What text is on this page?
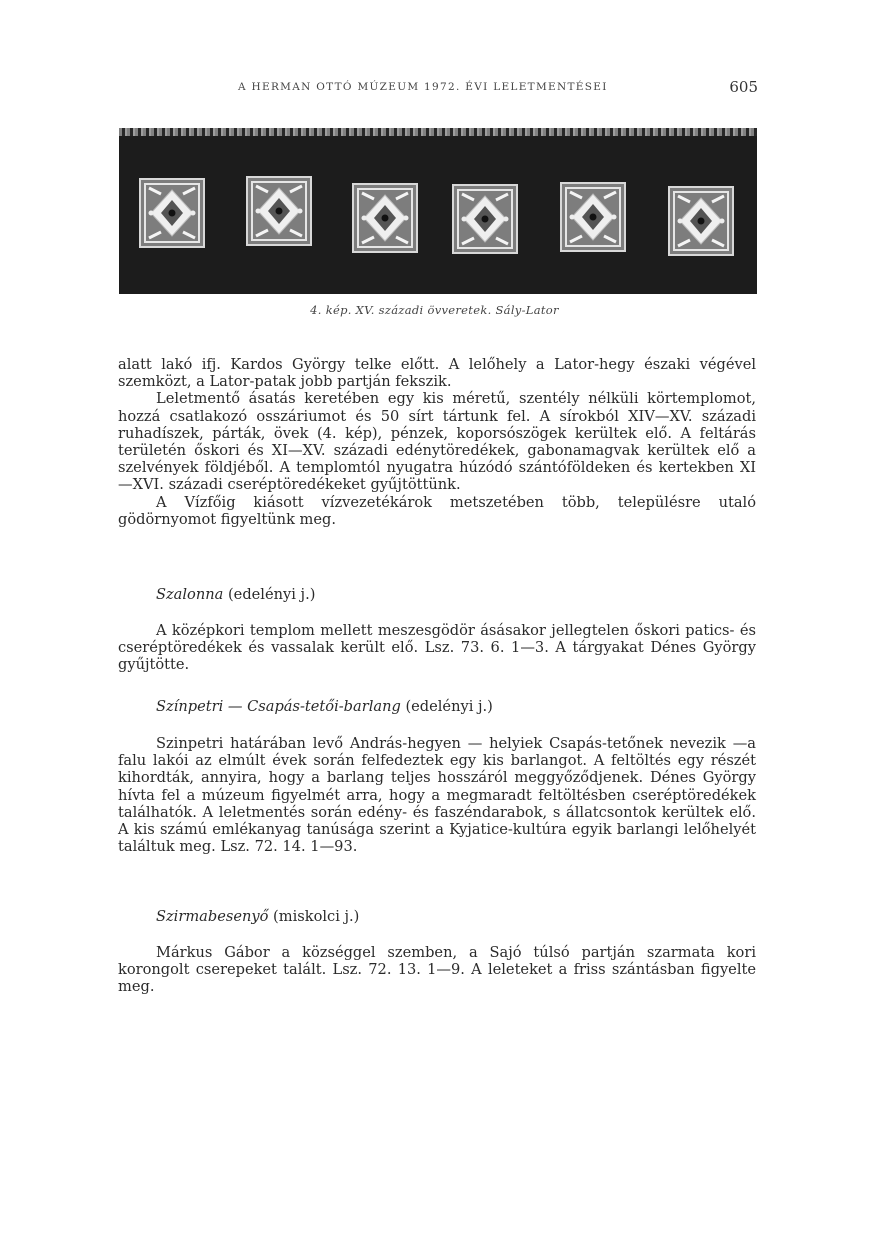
A HERMAN OTTÓ MÚZEUM 1972. ÉVI LELETMENTÉSEI	605
4. kép. XV. századi övveretek. Sály-Lator

alatt lakó ifj. Kardos György telke előtt. A lelőhely a Lator-hegy északi végével szemközt, a Lator-patak jobb partján fekszik.

Leletmentő ásatás keretében egy kis méretű, szentély nélküli körtemplomot, hozzá csatlakozó osszáriumot és 50 sírt tártunk fel. A sírokból XIV—XV. századi ruhadíszek, párták, övek (4. kép), pénzek, koporsószögek kerültek elő. A feltárás területén őskori és XI—XV. századi edénytöredékek, gabonamagvak kerültek elő a szelvények földjéből. A templomtól nyugatra húzódó szántóföldeken és kertekben XI—XVI. századi cseréptöredékeket gyűjtöttünk.

A Vízfőig kiásott vízvezetékárok metszetében több, településre utaló gödörnyomot figyeltünk meg.

Szalonna (edelényi j.)

A középkori templom mellett meszesgödör ásásakor jellegtelen őskori patics- és cseréptöredékek és vassalak került elő. Lsz. 73. 6. 1—3. A tárgyakat Dénes György gyűjtötte.

Színpetri — Csapás-tetői-barlang (edelényi j.)

Szinpetri határában levő András-hegyen — helyiek Csapás-tetőnek nevezik —a falu lakói az elmúlt évek során felfedeztek egy kis barlangot. A feltöltés egy részét kihordták, annyira, hogy a barlang teljes hosszáról meggyőződjenek. Dénes György hívta fel a múzeum figyelmét arra, hogy a megmaradt feltöltésben cseréptöredékek találhatók. A leletmentés során edény- és faszéndarabok, s állatcsontok kerültek elő. A kis számú emlékanyag tanúsága szerint a Kyjatice-kultúra egyik barlangi lelőhelyét találtuk meg. Lsz. 72. 14. 1—93.

Szirmabesenyő (miskolci j.)

Márkus Gábor a községgel szemben, a Sajó túlsó partján szarmata kori korongolt cserepeket talált. Lsz. 72. 13. 1—9. A leleteket a friss szántásban figyelte meg.
